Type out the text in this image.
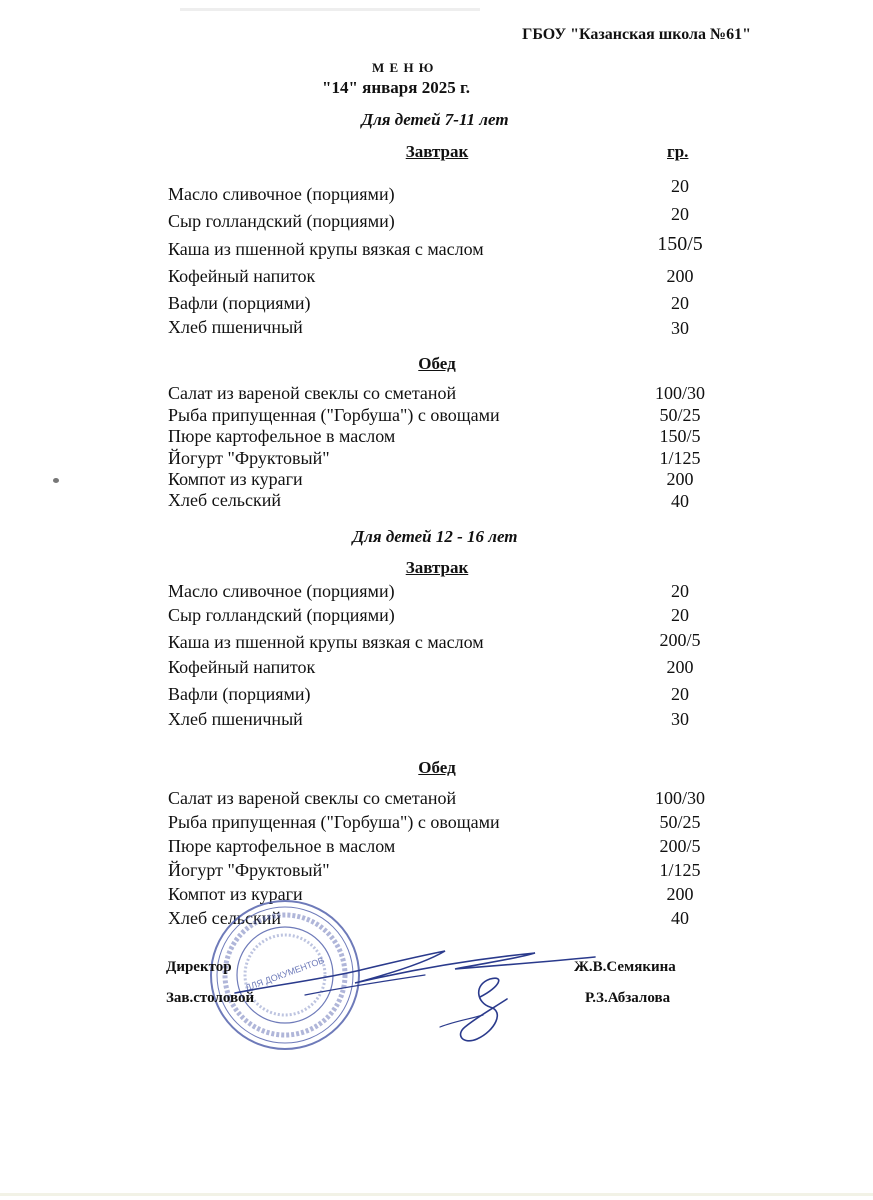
ГБОУ "Казанская школа №61"
М Е Н Ю
"14" января 2025 г.
Для детей 7-11 лет
Завтрак	гр.
Масло сливочное (порциями)	20
Сыр голландский (порциями)	20
Каша из пшенной крупы вязкая с маслом	150/5
Кофейный напиток	200
Вафли (порциями)	20
Хлеб пшеничный	30
Обед
Салат из вареной свеклы со сметаной	100/30
Рыба припущенная ("Горбуша") с овощами	50/25
Пюре картофельное в маслом	150/5
Йогурт "Фруктовый"	1/125
Компот из кураги	200
Хлеб сельский	40
Для детей 12 - 16 лет
Завтрак
Масло сливочное (порциями)	20
Сыр голландский (порциями)	20
Каша из пшенной крупы вязкая с маслом	200/5
Кофейный напиток	200
Вафли (порциями)	20
Хлеб пшеничный	30
Обед
Салат из вареной свеклы со сметаной	100/30
Рыба припущенная ("Горбуша") с овощами	50/25
Пюре картофельное в маслом	200/5
Йогурт "Фруктовый"	1/125
Компот из кураги	200
Хлеб сельский	40
ДЛЯ ДОКУМЕНТОВ
Директор	Ж.В.Семякина
Зав.столовой	Р.З.Абзалова
